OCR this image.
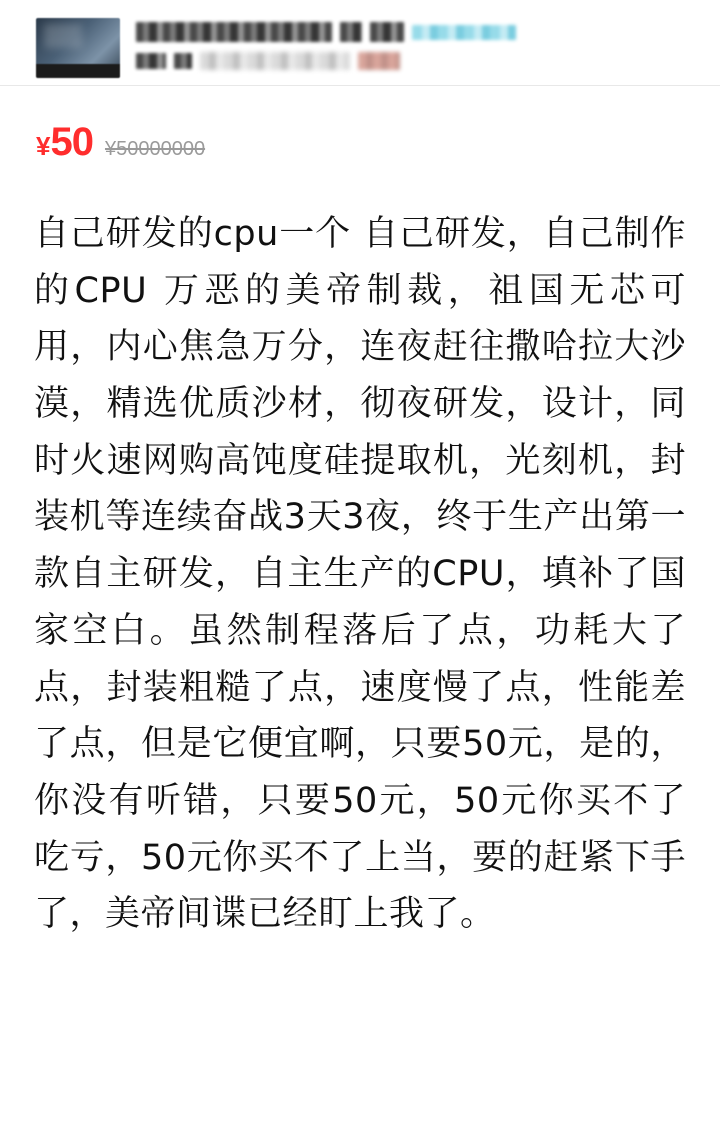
¥50 ¥50000000
自己研发的cpu一个 自己研发，自己制作的CPU 万恶的美帝制裁，祖国无芯可用，内心焦急万分，连夜赶往撒哈拉大沙漠，精选优质沙材，彻夜研发，设计，同时火速网购高饨度硅提取机，光刻机，封装机等连续奋战3天3夜，终于生产出第一款自主研发，自主生产的CPU，填补了国家空白。虽然制程落后了点，功耗大了点，封装粗糙了点，速度慢了点，性能差了点，但是它便宜啊，只要50元，是的，你没有听错，只要50元，50元你买不了吃亏，50元你买不了上当，要的赶紧下手了，美帝间谍已经盯上我了。
